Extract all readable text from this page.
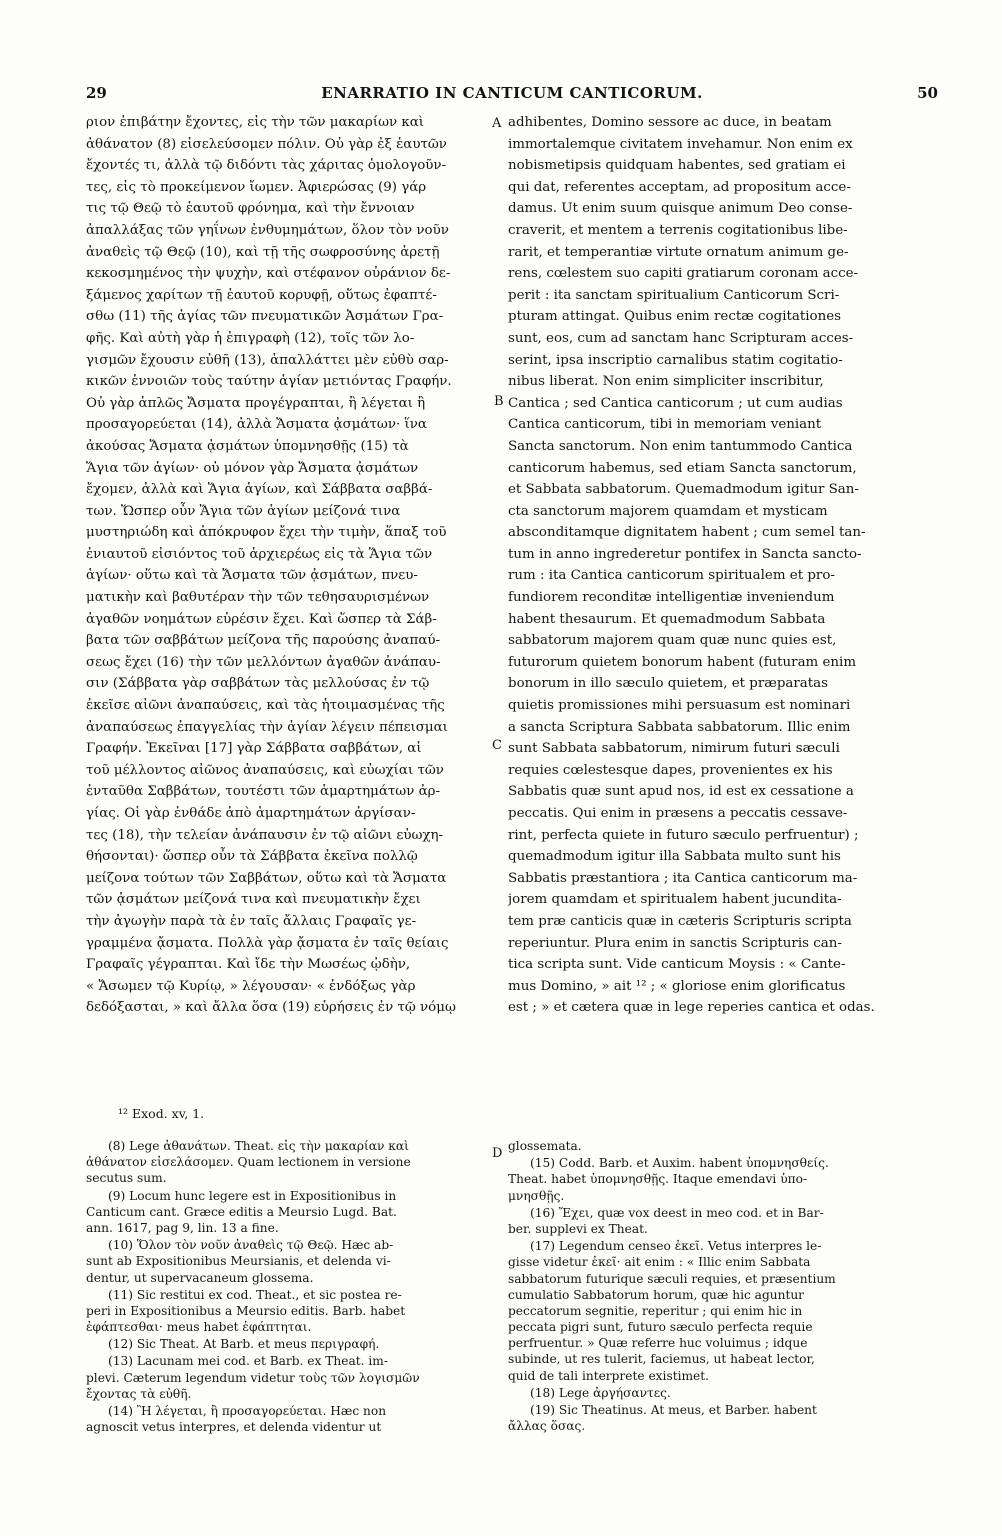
29	ENARRATIO IN CANTICUM CANTICORUM.	50
ριον ἐπιβάτην ἔχοντες, εἰς τὴν τῶν μακαρίων καὶ
ἀθάνατον (8) εἰσελεύσομεν πόλιν. Οὐ γὰρ ἐξ ἑαυτῶν
ἔχοντές τι, ἀλλὰ τῷ διδόντι τὰς χάριτας ὁμολογοῦν-
τες, εἰς τὸ προκείμενον ἴωμεν. Ἀφιερώσας (9) γάρ
τις τῷ Θεῷ τὸ ἑαυτοῦ φρόνημα, καὶ τὴν ἔννοιαν
ἀπαλλάξας τῶν γηΐνων ἐνθυμημάτων, ὅλον τὸν νοῦν
ἀναθεὶς τῷ Θεῷ (10), καὶ τῇ τῆς σωφροσύνης ἀρετῇ
κεκοσμημένος τὴν ψυχὴν, καὶ στέφανον οὐράνιον δε-
ξάμενος χαρίτων τῇ ἑαυτοῦ κορυφῇ, οὕτως ἐφαπτέ-
σθω (11) τῆς ἁγίας τῶν πνευματικῶν Ἀσμάτων Γρα-
φῆς. Καὶ αὐτὴ γὰρ ἡ ἐπιγραφὴ (12), τοῖς τῶν λο-
γισμῶν ἔχουσιν εὐθῆ (13), ἀπαλλάττει μὲν εὐθὺ σαρ-
κικῶν ἐννοιῶν τοὺς ταύτην ἁγίαν μετιόντας Γραφήν.
Οὐ γὰρ ἁπλῶς Ἄσματα προγέγραπται, ἢ λέγεται ἢ
προσαγορεύεται (14), ἀλλὰ Ἄσματα ᾀσμάτων· ἵνα
ἀκούσας Ἄσματα ᾀσμάτων ὑπομνησθῇς (15) τὰ
Ἅγια τῶν ἁγίων· οὐ μόνον γὰρ Ἄσματα ᾀσμάτων
ἔχομεν, ἀλλὰ καὶ Ἅγια ἁγίων, καὶ Σάββατα σαββά-
των. Ὥσπερ οὖν Ἅγια τῶν ἁγίων μείζονά τινα
μυστηριώδη καὶ ἀπόκρυφον ἔχει τὴν τιμὴν, ἅπαξ τοῦ
ἐνιαυτοῦ εἰσιόντος τοῦ ἀρχιερέως εἰς τὰ Ἅγια τῶν
ἁγίων· οὕτω καὶ τὰ Ἄσματα τῶν ᾀσμάτων, πνευ-
ματικὴν καὶ βαθυτέραν τὴν τῶν τεθησαυρισμένων
ἀγαθῶν νοημάτων εὑρέσιν ἔχει. Καὶ ὥσπερ τὰ Σάβ-
βατα τῶν σαββάτων μείζονα τῆς παρούσης ἀναπαύ-
σεως ἔχει (16) τὴν τῶν μελλόντων ἀγαθῶν ἀνάπαυ-
σιν (Σάββατα γὰρ σαββάτων τὰς μελλούσας ἐν τῷ
ἐκεῖσε αἰῶνι ἀναπαύσεις, καὶ τὰς ἡτοιμασμένας τῆς
ἀναπαύσεως ἐπαγγελίας τὴν ἁγίαν λέγειν πέπεισμαι
Γραφήν. Ἐκεῖναι [17] γὰρ Σάββατα σαββάτων, αἱ
τοῦ μέλλοντος αἰῶνος ἀναπαύσεις, καὶ εὐωχίαι τῶν
ἐνταῦθα Σαββάτων, τουτέστι τῶν ἁμαρτημάτων ἀρ-
γίας. Οἱ γὰρ ἐνθάδε ἀπὸ ἁμαρτημάτων ἀργίσαν-
τες (18), τὴν τελείαν ἀνάπαυσιν ἐν τῷ αἰῶνι εὐωχη-
θήσονται)· ὥσπερ οὖν τὰ Σάββατα ἐκεῖνα πολλῷ
μείζονα τούτων τῶν Σαββάτων, οὕτω καὶ τὰ Ἄσματα
τῶν ᾀσμάτων μείζονά τινα καὶ πνευματικὴν ἔχει
τὴν ἀγωγὴν παρὰ τὰ ἐν ταῖς ἄλλαις Γραφαῖς γε-
γραμμένα ᾄσματα. Πολλὰ γὰρ ᾄσματα ἐν ταῖς θείαις
Γραφαῖς γέγραπται. Καὶ ἴδε τὴν Μωσέως ᾠδὴν,
« Ἄσωμεν τῷ Κυρίῳ, » λέγουσαν· « ἐνδόξως γὰρ
δεδόξασται, » καὶ ἄλλα ὅσα (19) εὑρήσεις ἐν τῷ νόμῳ
adhibentes, Domino sessore ac duce, in beatam
immortalemque civitatem invehamur. Non enim ex
nobismetipsis quidquam habentes, sed gratiam ei
qui dat, referentes acceptam, ad propositum acce-
damus. Ut enim suum quisque animum Deo conse-
craverit, et mentem a terrenis cogitationibus libe-
rarit, et temperantiæ virtute ornatum animum ge-
rens, cœlestem suo capiti gratiarum coronam acce-
perit : ita sanctam spiritualium Canticorum Scri-
pturam attingat. Quibus enim rectæ cogitationes
sunt, eos, cum ad sanctam hanc Scripturam acces-
serint, ipsa inscriptio carnalibus statim cogitatio-
nibus liberat. Non enim simpliciter inscribitur,
Cantica ; sed Cantica canticorum ; ut cum audias
Cantica canticorum, tibi in memoriam veniant
Sancta sanctorum. Non enim tantummodo Cantica
canticorum habemus, sed etiam Sancta sanctorum,
et Sabbata sabbatorum. Quemadmodum igitur San-
cta sanctorum majorem quamdam et mysticam
absconditamque dignitatem habent ; cum semel tan-
tum in anno ingrederetur pontifex in Sancta sancto-
rum : ita Cantica canticorum spiritualem et pro-
fundiorem reconditæ intelligentiæ inveniendum
habent thesaurum. Et quemadmodum Sabbata
sabbatorum majorem quam quæ nunc quies est,
futurorum quietem bonorum habent (futuram enim
bonorum in illo sæculo quietem, et præparatas
quietis promissiones mihi persuasum est nominari
a sancta Scriptura Sabbata sabbatorum. Illic enim
sunt Sabbata sabbatorum, nimirum futuri sæculi
requies cœlestesque dapes, provenientes ex his
Sabbatis quæ sunt apud nos, id est ex cessatione a
peccatis. Qui enim in præsens a peccatis cessave-
rint, perfecta quiete in futuro sæculo perfruentur) ;
quemadmodum igitur illa Sabbata multo sunt his
Sabbatis præstantiora ; ita Cantica canticorum ma-
jorem quamdam et spiritualem habent jucundita-
tem præ canticis quæ in cæteris Scripturis scripta
reperiuntur. Plura enim in sanctis Scripturis can-
tica scripta sunt. Vide canticum Moysis : « Cante-
mus Domino, » ait ¹² ; « gloriose enim glorificatus
est ; » et cætera quæ in lege reperies cantica et odas.
A
B
C
D
¹² Exod. xv, 1.
(8) Lege ἀθανάτων. Theat. εἰς τὴν μακαρίαν καὶ
ἀθάνατον εἰσελάσομεν. Quam lectionem in versione
secutus sum.
(9) Locum hunc legere est in Expositionibus in
Canticum cant. Græce editis a Meursio Lugd. Bat.
ann. 1617, pag 9, lin. 13 a fine.
(10) Ὅλον τὸν νοῦν ἀναθεὶς τῷ Θεῷ. Hæc ab-
sunt ab Expositionibus Meursianis, et delenda vi-
dentur, ut supervacaneum glossema.
(11) Sic restitui ex cod. Theat., et sic postea re-
peri in Expositionibus a Meursio editis. Barb. habet
ἐφάπτεσθαι· meus habet ἐφάπτηται.
(12) Sic Theat. At Barb. et meus περιγραφή.
(13) Lacunam mei cod. et Barb. ex Theat. im-
plevi. Cæterum legendum videtur τοὺς τῶν λογισμῶν
ἔχοντας τὰ εὐθῆ.
(14) Ἢ λέγεται, ἢ προσαγορεύεται. Hæc non
agnoscit vetus interpres, et delenda videntur ut
glossemata.
(15) Codd. Barb. et Auxim. habent ὑπομνησθείς.
Theat. habet ὑπομνησθῇς. Itaque emendavi ὑπο-
μνησθῇς.
(16) Ἔχει, quæ vox deest in meo cod. et in Bar-
ber. supplevi ex Theat.
(17) Legendum censeo ἐκεῖ. Vetus interpres le-
gisse videtur ἐκεῖ· ait enim : « Illic enim Sabbata
sabbatorum futurique sæculi requies, et præsentium
cumulatio Sabbatorum horum, quæ hic aguntur
peccatorum segnitie, reperitur ; qui enim hic in
peccata pigri sunt, futuro sæculo perfecta requie
perfruentur. » Quæ referre huc voluimus ; idque
subinde, ut res tulerit, faciemus, ut habeat lector,
quid de tali interprete existimet.
(18) Lege ἀργήσαντες.
(19) Sic Theatinus. At meus, et Barber. habent
ἄλλας ὅσας.
